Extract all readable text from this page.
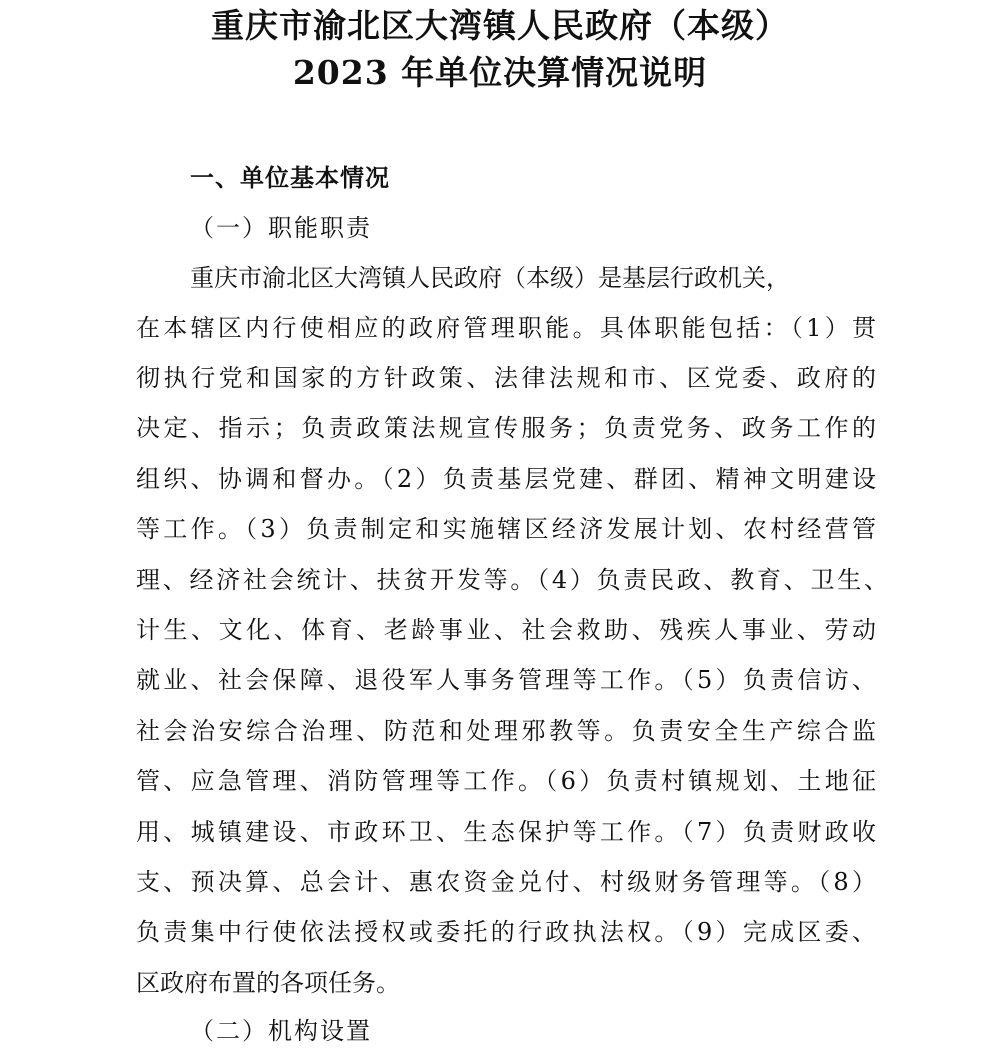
重庆市渝北区大湾镇人民政府（本级）
2023 年单位决算情况说明
一、单位基本情况
（一）职能职责

重庆市渝北区大湾镇人民政府（本级）是基层行政机关，

在本辖区内行使相应的政府管理职能。具体职能包括：（1）贯

彻执行党和国家的方针政策、法律法规和市、区党委、政府的

决定、指示；负责政策法规宣传服务；负责党务、政务工作的

组织、协调和督办。（2）负责基层党建、群团、精神文明建设

等工作。（3）负责制定和实施辖区经济发展计划、农村经营管

理、经济社会统计、扶贫开发等。（4）负责民政、教育、卫生、

计生、文化、体育、老龄事业、社会救助、残疾人事业、劳动

就业、社会保障、退役军人事务管理等工作。（5）负责信访、

社会治安综合治理、防范和处理邪教等。负责安全生产综合监

管、应急管理、消防管理等工作。（6）负责村镇规划、土地征

用、城镇建设、市政环卫、生态保护等工作。（7）负责财政收

支、预决算、总会计、惠农资金兑付、村级财务管理等。（8）

负责集中行使依法授权或委托的行政执法权。（9）完成区委、

区政府布置的各项任务。

（二）机构设置
